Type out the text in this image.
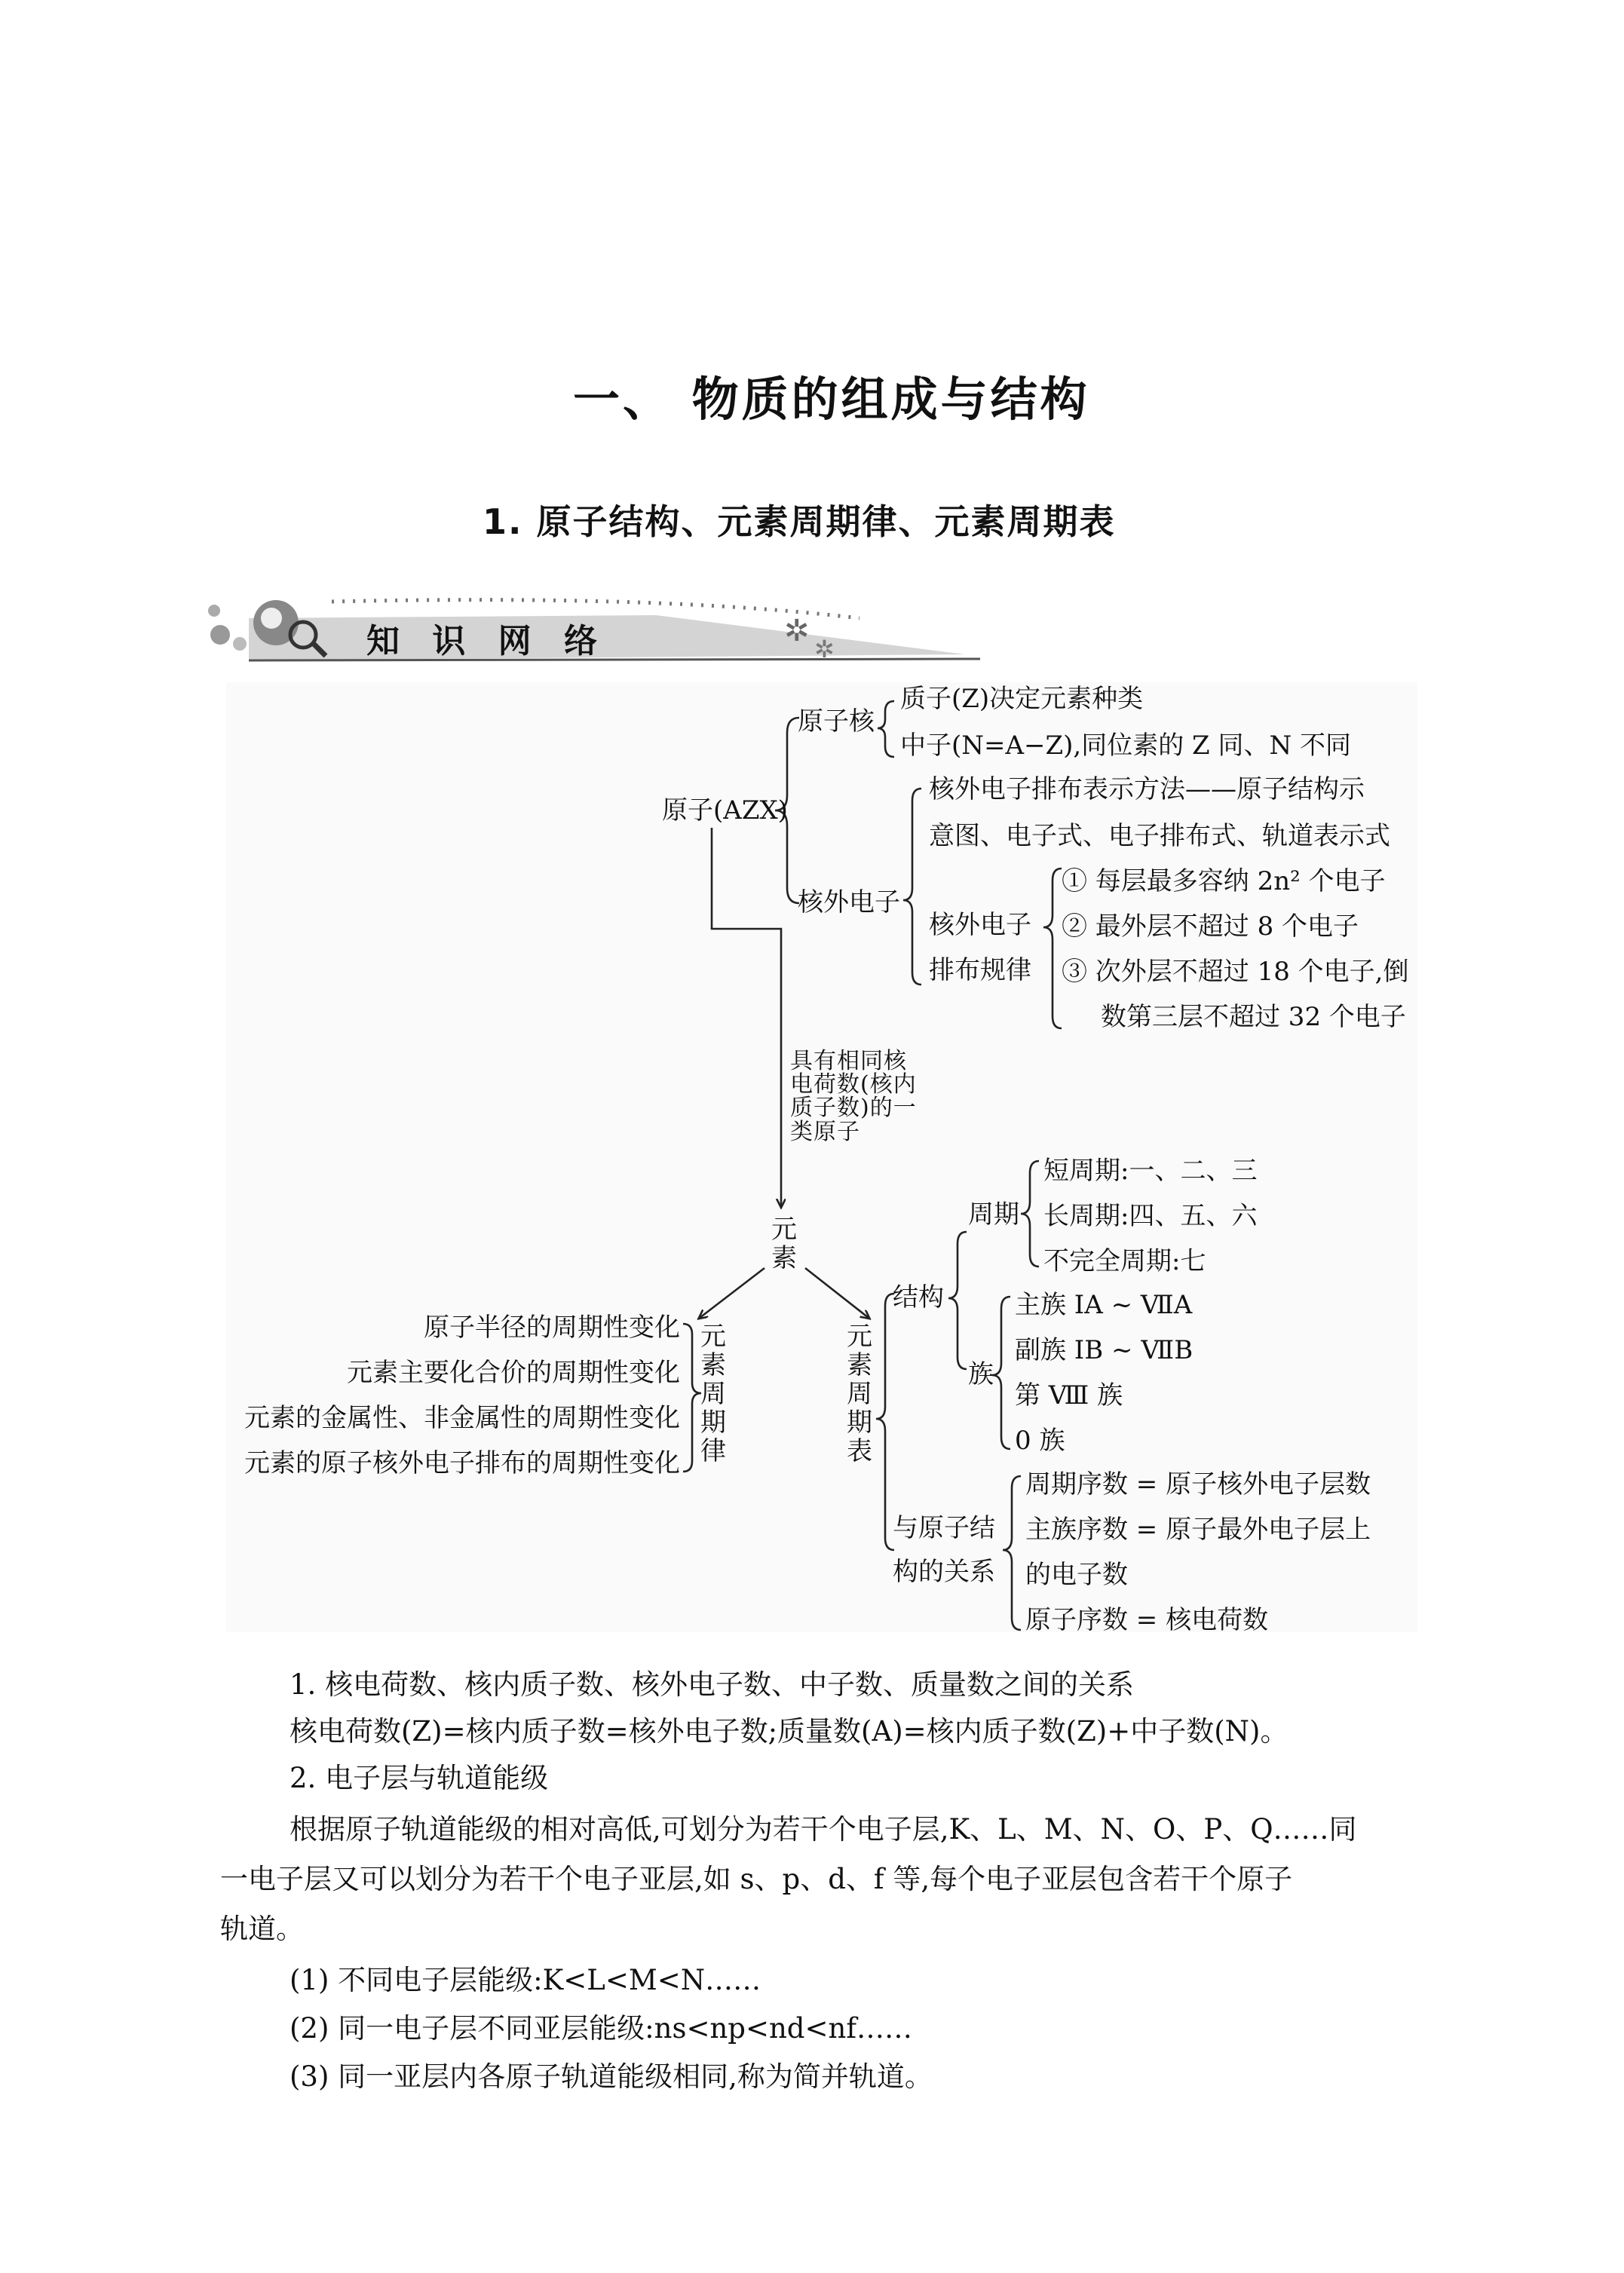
一、 物质的组成与结构
1. 原子结构、元素周期律、元素周期表
✲
✲
知 识 网 络
原子(AZX)
原子核
质子(Z)决定元素种类
中子(N=A−Z),同位素的 Z 同、N 不同
核外电子
核外电子排布表示方法——原子结构示
意图、电子式、电子排布式、轨道表示式
核外电子
排布规律
① 每层最多容纳 2n² 个电子
② 最外层不超过 8 个电子
③ 次外层不超过 18 个电子,倒
数第三层不超过 32 个电子
具有相同核电荷数(核内质子数)的一类原子
元素
元素周期律
原子半径的周期性变化
元素主要化合价的周期性变化
元素的金属性、非金属性的周期性变化
元素的原子核外电子排布的周期性变化
元素周期表
结构
周期
短周期:一、二、三
长周期:四、五、六
不完全周期:七
族
主族 ⅠA ~ ⅦA
副族 ⅠB ~ ⅦB
第 Ⅷ 族
0 族
与原子结
构的关系
周期序数 = 原子核外电子层数
主族序数 = 原子最外电子层上
的电子数
原子序数 = 核电荷数
1. 核电荷数、核内质子数、核外电子数、中子数、质量数之间的关系
核电荷数(Z)=核内质子数=核外电子数;质量数(A)=核内质子数(Z)+中子数(N)。
2. 电子层与轨道能级
根据原子轨道能级的相对高低,可划分为若干个电子层,K、L、M、N、O、P、Q……同
一电子层又可以划分为若干个电子亚层,如 s、p、d、f 等,每个电子亚层包含若干个原子
轨道。
(1) 不同电子层能级:K<L<M<N……
(2) 同一电子层不同亚层能级:ns<np<nd<nf……
(3) 同一亚层内各原子轨道能级相同,称为简并轨道。
